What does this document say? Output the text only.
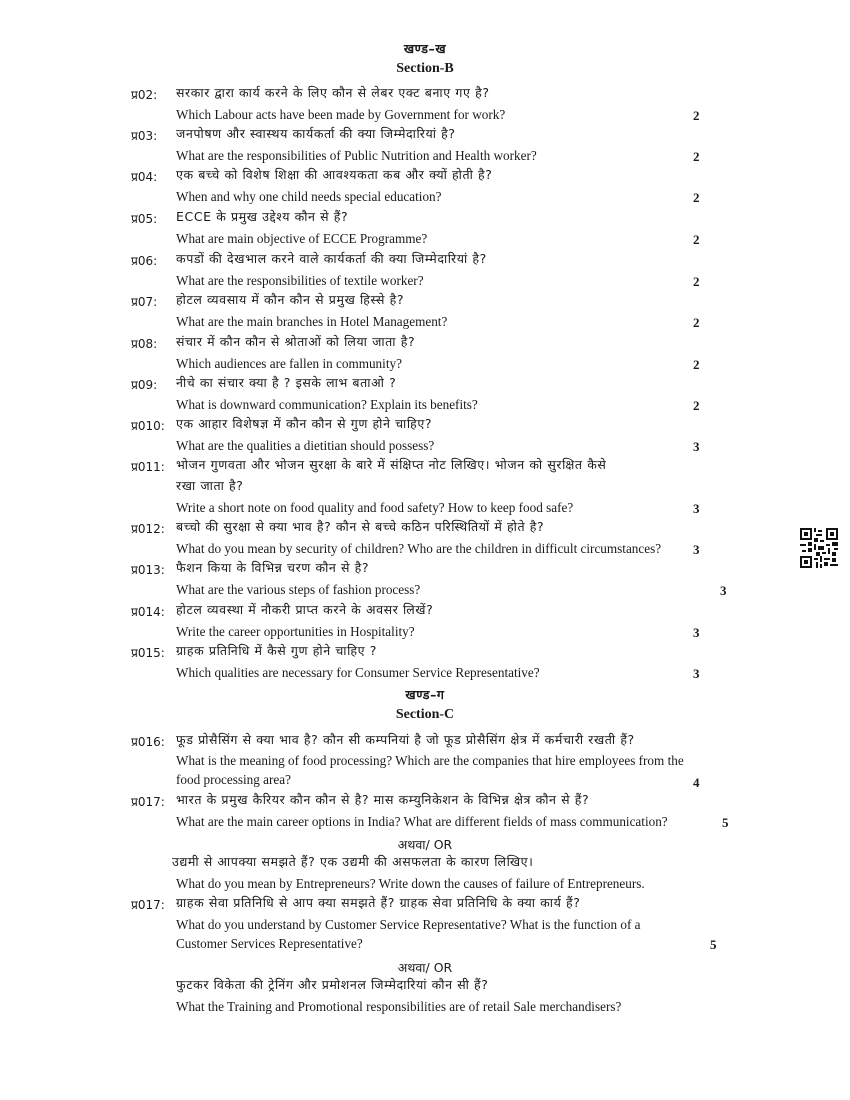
खण्ड–ख
Section-B
प्र02: सरकार द्वारा कार्य करने के लिए कौन से लेबर एक्ट बनाए गए है?
Which Labour acts have been made by Government for work?	2
प्र03: जनपोषण और स्वास्थय कार्यकर्ता की क्या जिम्मेदारियां है?
What are the responsibilities of Public Nutrition and Health worker?	2
प्र04: एक बच्चे को विशेष शिक्षा की आवश्यकता कब और क्यों होती है?
When and why one child needs special education?	2
प्र05: ECCE के प्रमुख उद्देश्य कौन से हैं?
What are main objective of ECCE Programme?	2
प्र06: कपडों की देखभाल करने वाले कार्यकर्ता की क्या जिम्मेदारियां है?
What are the responsibilities of textile worker?	2
प्र07: होटल व्यवसाय में कौन कौन से प्रमुख हिस्से है?
What are the main branches in Hotel Management?	2
प्र08: संचार में कौन कौन से श्रोताओं को लिया जाता है?
Which audiences are fallen in community?	2
प्र09: नीचे का संचार क्या है ? इसके लाभ बताओ ?
What is downward communication? Explain its benefits?	2
प्र010: एक आहार विशेषज्ञ में कौन कौन से गुण होने चाहिए?
What are the qualities a dietitian should possess?	3
प्र011: भोजन गुणवता और भोजन सुरक्षा के बारे में संक्षिप्त नोट लिखिए। भोजन को सुरक्षित कैसे
रखा जाता है?
Write a short note on food quality and food safety? How to keep food safe?	3
प्र012: बच्चो की सुरक्षा से क्या भाव है? कौन से बच्चे कठिन परिस्थितियों में होते है?
What do you mean by security of children? Who are the children in difficult circumstances? 3
प्र013: फैशन किया के विभिन्न चरण कौन से है?
What are the various steps of fashion process?	3
प्र014: होटल व्यवस्था में नौकरी प्राप्त करने के अवसर लिखें?
Write the career opportunities in Hospitality?	3
प्र015: ग्राहक प्रतिनिधि में कैसे गुण होने चाहिए ?
Which qualities are necessary for Consumer Service Representative?	3
खण्ड–ग
Section-C
प्र016: फूड प्रोसैसिंग से क्या भाव है? कौन सी कम्पनियां है जो फूड प्रोसैसिंग क्षेत्र में कर्मचारी रखती हैं?
What is the meaning of food processing? Which are the companies that hire employees from the
food processing area?	4
प्र017: भारत के प्रमुख कैरियर कौन कौन से है? मास कम्युनिकेशन के विभिन्न क्षेत्र कौन से हैं?
What are the main career options in India? What are different fields of mass communication?	5
अथवा/ OR
उद्यमी से आपक्या समझते हैं? एक उद्यमी की असफलता के कारण लिखिए।
What do you mean by Entrepreneurs? Write down the causes of failure of Entrepreneurs.
प्र017: ग्राहक सेवा प्रतिनिधि से आप क्या समझते हैं? ग्राहक सेवा प्रतिनिधि के क्या कार्य हैं?
What do you understand by Customer Service Representative? What is the function of a
Customer Services Representative?	5
अथवा/ OR
फुटकर विकेता की ट्रेनिंग और प्रमोशनल जिम्मेदारियां कौन सी हैं?
What the Training and Promotional responsibilities are of retail Sale merchandisers?
